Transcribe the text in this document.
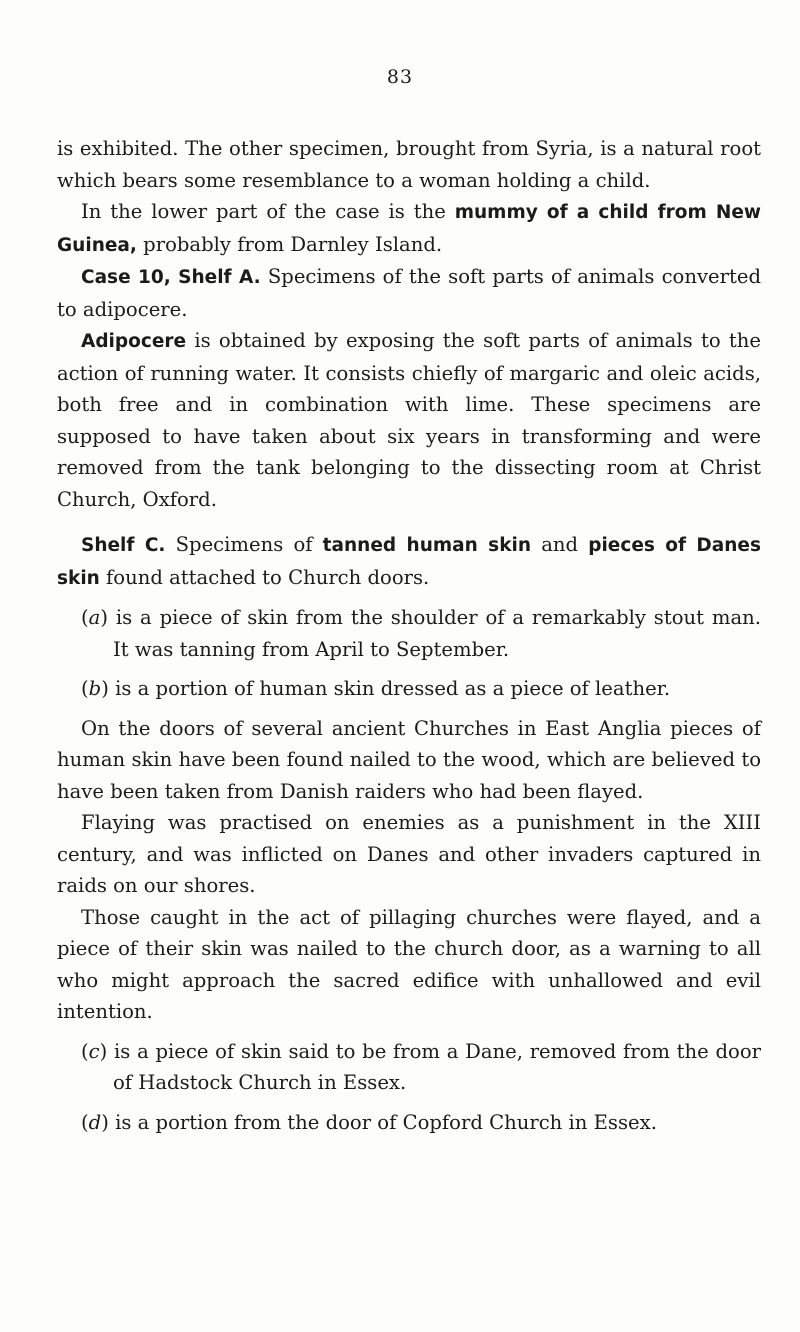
83

is exhibited. The other specimen, brought from Syria, is a natural root which bears some resemblance to a woman holding a child.

In the lower part of the case is the mummy of a child from New Guinea, probably from Darnley Island.

Case 10, Shelf A. Specimens of the soft parts of animals converted to adipocere.

Adipocere is obtained by exposing the soft parts of animals to the action of running water. It consists chiefly of margaric and oleic acids, both free and in combination with lime. These specimens are supposed to have taken about six years in transforming and were removed from the tank belonging to the dissecting room at Christ Church, Oxford.

Shelf C. Specimens of tanned human skin and pieces of Danes skin found attached to Church doors.

(a) is a piece of skin from the shoulder of a remarkably stout man. It was tanning from April to September.

(b) is a portion of human skin dressed as a piece of leather.

On the doors of several ancient Churches in East Anglia pieces of human skin have been found nailed to the wood, which are believed to have been taken from Danish raiders who had been flayed.

Flaying was practised on enemies as a punishment in the XIII century, and was inflicted on Danes and other invaders captured in raids on our shores.

Those caught in the act of pillaging churches were flayed, and a piece of their skin was nailed to the church door, as a warning to all who might approach the sacred edifice with unhallowed and evil intention.

(c) is a piece of skin said to be from a Dane, removed from the door of Hadstock Church in Essex.

(d) is a portion from the door of Copford Church in Essex.
